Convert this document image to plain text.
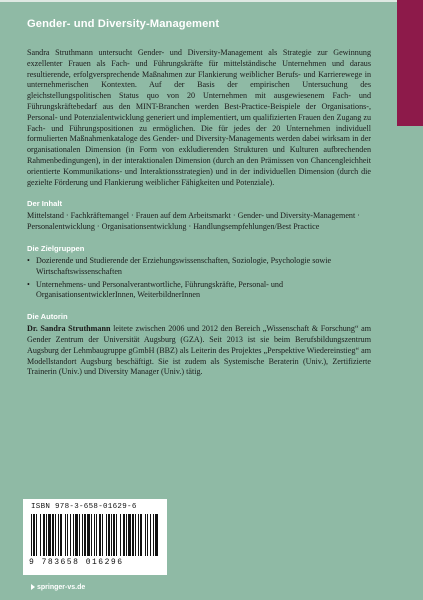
Gender- und Diversity-Management

Sandra Struthmann untersucht Gender- und Diversity-Management als Strategie zur Gewinnung exzellenter Frauen als Fach- und Führungskräfte für mittelständische Unternehmen und daraus resultierende, erfolgversprechende Maßnahmen zur Flankierung weiblicher Berufs- und Karrierewege in unternehmerischen Kontexten. Auf der Basis der empirischen Untersuchung des gleichstellungspolitischen Status quo von 20 Unternehmen mit ausgewiesenem Fach- und Führungskräftebedarf aus den MINT-Branchen werden Best-Practice-Beispiele der Organisations-, Personal- und Potenzialentwicklung generiert und implementiert, um qualifizierten Frauen den Zugang zu Fach- und Führungspositionen zu ermöglichen. Die für jedes der 20 Unternehmen individuell formulierten Maßnahmenkataloge des Gender- und Diversity-Managements werden dabei wirksam in der organisationalen Dimension (in Form von exkludierenden Strukturen und Kulturen aufbrechenden Rahmenbedingungen), in der interaktionalen Dimension (durch an den Prämissen von Chancengleichheit orientierte Kommunikations- und Interaktionsstrategien) und in der individuellen Dimension (durch die gezielte Förderung und Flankierung weiblicher Fähigkeiten und Potenziale).

Der Inhalt

Mittelstand · Fachkräftemangel · Frauen auf dem Arbeitsmarkt · Gender- und Diversity-Management · Personalentwicklung · Organisationsentwicklung · Handlungsempfehlungen/Best Practice

Die Zielgruppen
• Dozierende und Studierende der Erziehungswissenschaften, Soziologie, Psychologie sowie Wirtschaftswissenschaften
• Unternehmens- und Personalverantwortliche, Führungskräfte, Personal- und OrganisationsentwicklerInnen, WeiterbildnerInnen
Die Autorin

Dr. Sandra Struthmann leitete zwischen 2006 und 2012 den Bereich „Wissenschaft & Forschung“ am Gender Zentrum der Universität Augsburg (GZA). Seit 2013 ist sie beim Berufsbildungszentrum Augsburg der Lehmbaugruppe gGmbH (BBZ) als Leiterin des Projektes „Perspektive Wiedereinstieg“ am Modellstandort Augsburg beschäftigt. Sie ist zudem als Systemische Beraterin (Univ.), Zertifizierte Trainerin (Univ.) und Diversity Manager (Univ.) tätig.

ISBN 978-3-658-01629-6
9 783658 016296
springer-vs.de
